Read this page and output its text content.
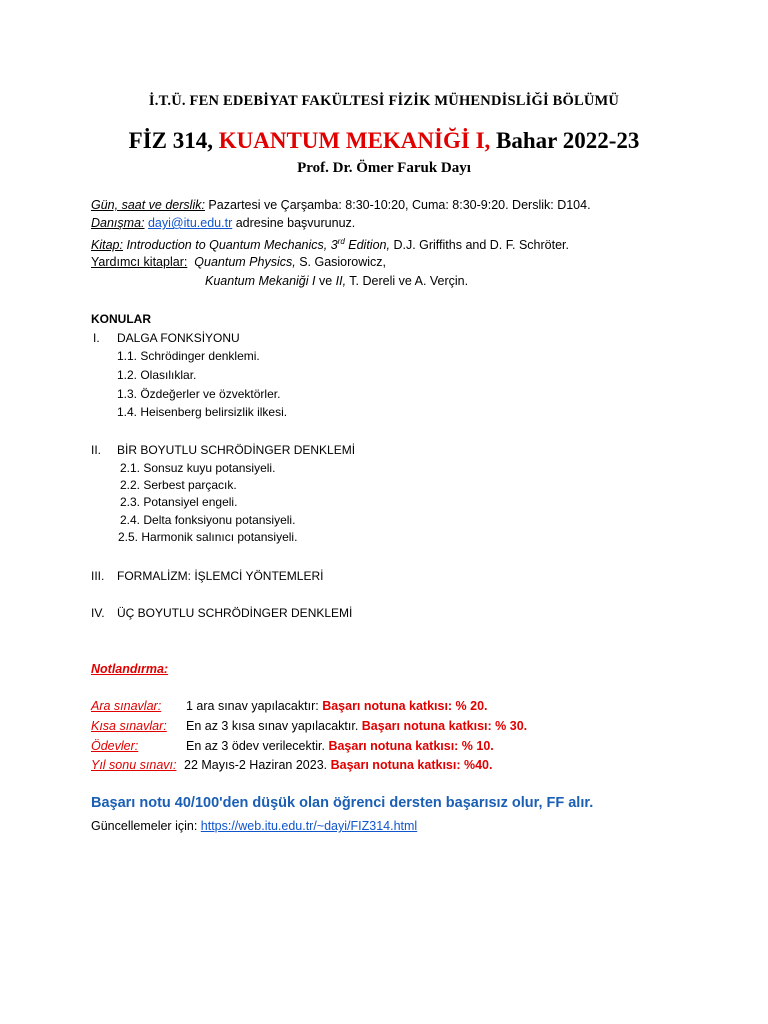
İ.T.Ü. FEN EDEBİYAT FAKÜLTESİ FİZİK MÜHENDİSLİĞİ BÖLÜMÜ
FİZ 314, KUANTUM MEKANİĞİ I, Bahar 2022-23
Prof. Dr. Ömer Faruk Dayı
Gün, saat ve derslik: Pazartesi ve Çarşamba: 8:30-10:20, Cuma: 8:30-9:20. Derslik: D104.
Danışma: dayi@itu.edu.tr adresine başvurunuz.
Kitap: Introduction to Quantum Mechanics, 3rd Edition, D.J. Griffiths and D. F. Schröter.
Yardımcı kitaplar: Quantum Physics, S. Gasiorowicz,
Kuantum Mekaniği I ve II, T. Dereli ve A. Verçin.
KONULAR
I. DALGA FONKSİYONU
1.1. Schrödinger denklemi.
1.2. Olasılıklar.
1.3. Özdeğerler ve özvektörler.
1.4. Heisenberg belirsizlik ilkesi.
II. BİR BOYUTLU SCHRÖDİNGER DENKLEMİ
2.1. Sonsuz kuyu potansiyeli.
2.2. Serbest parçacık.
2.3. Potansiyel engeli.
2.4. Delta fonksiyonu potansiyeli.
2.5. Harmonik salınıcı potansiyeli.
III. FORMALİZM: İŞLEMCİ YÖNTEMLERİ
IV. ÜÇ BOYUTLU SCHRÖDİNGER DENKLEMİ
Notlandırma:
Ara sınavlar: 1 ara sınav yapılacaktır: Başarı notuna katkısı: % 20.
Kısa sınavlar: En az 3 kısa sınav yapılacaktır. Başarı notuna katkısı: % 30.
Ödevler:	En az 3 ödev verilecektir. Başarı notuna katkısı: % 10.
Yıl sonu sınavı: 22 Mayıs-2 Haziran 2023. Başarı notuna katkısı: %40.
Başarı notu 40/100'den düşük olan öğrenci dersten başarısız olur, FF alır.
Güncellemeler için: https://web.itu.edu.tr/~dayi/FIZ314.html
